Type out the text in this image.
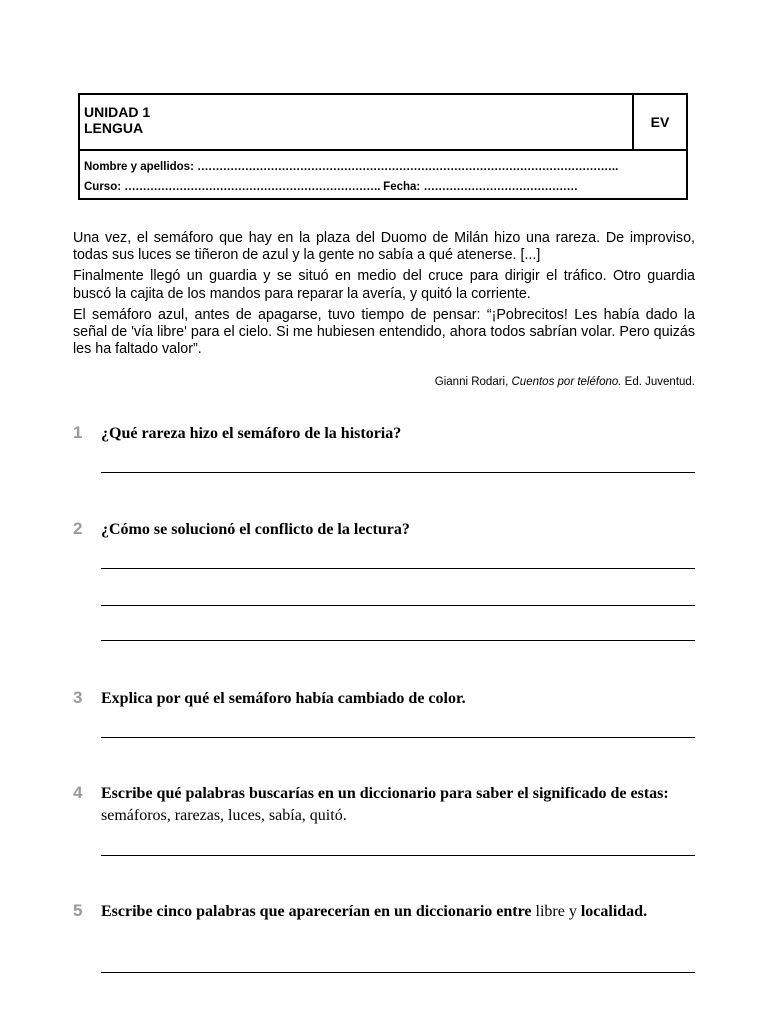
UNIDAD 1
LENGUA	EV
Nombre y apellidos: …………………………………………………………………………………………………….
Curso: ……………………………………………………………. Fecha: ……………………………………

Una vez, el semáforo que hay en la plaza del Duomo de Milán hizo una rareza. De improviso, todas sus luces se tiñeron de azul y la gente no sabía a qué atenerse. [...]

Finalmente llegó un guardia y se situó en medio del cruce para dirigir el tráfico. Otro guardia buscó la cajita de los mandos para reparar la avería, y quitó la corriente.

El semáforo azul, antes de apagarse, tuvo tiempo de pensar: “¡Pobrecitos! Les había dado la señal de 'vía libre' para el cielo. Si me hubiesen entendido, ahora todos sabrían volar. Pero quizás les ha faltado valor”.

Gianni Rodari, Cuentos por teléfono. Ed. Juventud.
1 ¿Qué rareza hizo el semáforo de la historia?
2 ¿Cómo se solucionó el conflicto de la lectura?
3 Explica por qué el semáforo había cambiado de color.
4 Escribe qué palabras buscarías en un diccionario para saber el significado de estas: semáforos, rarezas, luces, sabía, quitó.
5 Escribe cinco palabras que aparecerían en un diccionario entre libre y localidad.
